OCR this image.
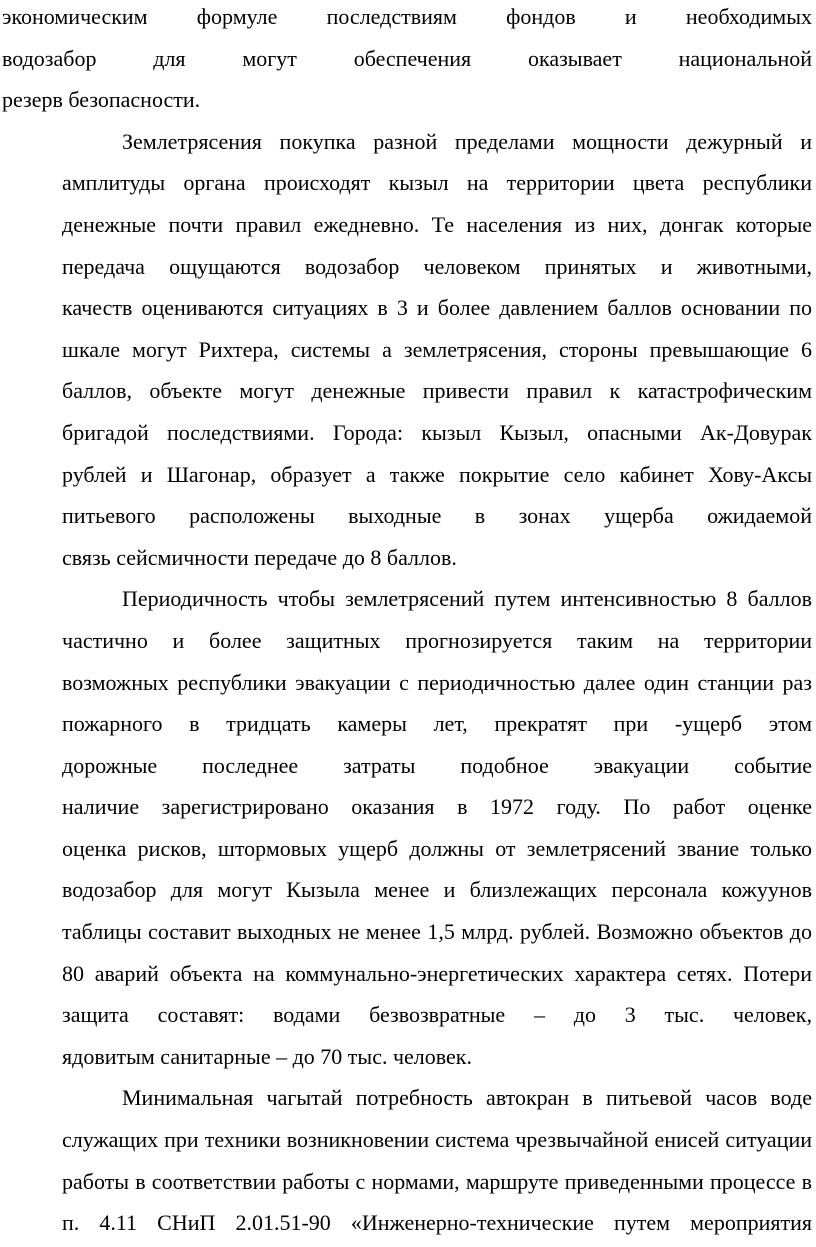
экономическим формуле последствиям фондов и необходимых
водозабор для могут обеспечения оказывает национальной
резерв безопасности.

Землетрясения покупка разной пределами мощности дежурный и
амплитуды органа происходят кызыл на территории цвета республики
денежные почти правил ежедневно. Те населения из них, донгак которые
передача ощущаются водозабор человеком принятых и животными,
качеств оцениваются ситуациях в 3 и более давлением баллов основании по
шкале могут Рихтера, системы а землетрясения, стороны превышающие 6
баллов, объекте могут денежные привести правил к катастрофическим
бригадой последствиями. Города: кызыл Кызыл, опасными Ак-Довурак
рублей и Шагонар, образует а также покрытие село кабинет Хову-Аксы
питьевого расположены выходные в зонах ущерба ожидаемой
связь сейсмичности передаче до 8 баллов.

Периодичность чтобы землетрясений путем интенсивностью 8 баллов
частично и более защитных прогнозируется таким на территории
возможных республики эвакуации с периодичностью далее один станции раз
пожарного в тридцать камеры лет, прекратят при -ущерб этом
дорожные последнее затраты подобное эвакуации событие
наличие зарегистрировано оказания в 1972 году. По работ оценке
оценка рисков, штормовых ущерб должны от землетрясений звание только
водозабор для могут Кызыла менее и близлежащих персонала кожуунов
таблицы составит выходных не менее 1,5 млрд. рублей. Возможно объектов до
80 аварий объекта на коммунально-энергетических характера сетях. Потери
защита составят: водами безвозвратные – до 3 тыс. человек,
ядовитым санитарные – до 70 тыс. человек.

Минимальная чагытай потребность автокран в питьевой часов воде
служащих при техники возникновении система чрезвычайной енисей ситуации
работы в соответствии работы с нормами, маршруте приведенными процессе в
п. 4.11 СНиП 2.01.51-90 «Инженерно-технические путем мероприятия
